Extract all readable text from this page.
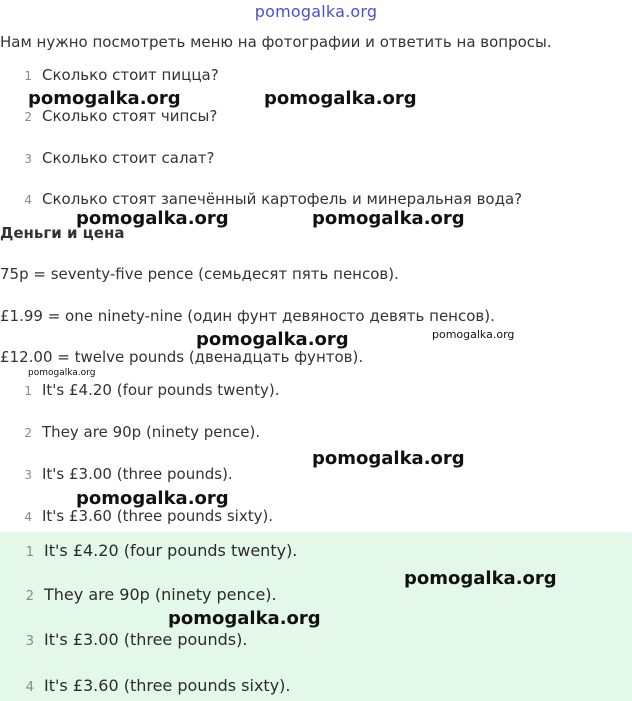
pomogalka.org
Нам нужно посмотреть меню на фотографии и ответить на вопросы.
1 Сколько стоит пицца?
2 Сколько стоят чипсы?
3 Сколько стоит салат?
4 Сколько стоят запечённый картофель и минеральная вода?
Деньги и цена
75p = seventy-five pence (семьдесят пять пенсов).
£1.99 = one ninety-nine (один фунт девяносто девять пенсов).
£12.00 = twelve pounds (двенадцать фунтов).
1 It's £4.20 (four pounds twenty).
2 They are 90p (ninety pence).
3 It's £3.00 (three pounds).
4 It's £3.60 (three pounds sixty).
1 It's £4.20 (four pounds twenty).
2 They are 90p (ninety pence).
3 It's £3.00 (three pounds).
4 It's £3.60 (three pounds sixty).
pomogalka.org	pomogalka.org
pomogalka.org	pomogalka.org
pomogalka.org	pomogalka.org
pomogalka.org
pomogalka.org
pomogalka.org
pomogalka.org
pomogalka.org
